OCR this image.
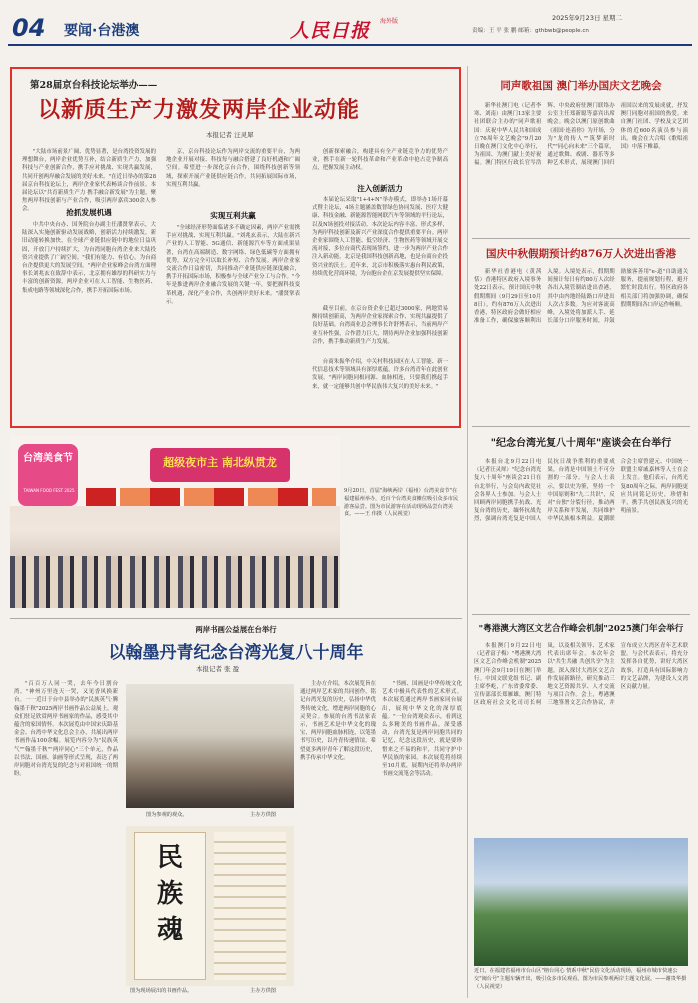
04 要闻·台港澳	人民日报 海外版	2025年9月23日 星期二
责编：王 平 张 鹏 邮箱：gthbwb@people.cn
第28届京台科技论坛举办——
以新质生产力激发两岸企业动能
本报记者 汪灵犀

"大陆市场前景广阔、优势显著，是台湾投资发展的理想舞台，两岸企业优势互补，结合新质生产力，加强科技与产业创新合作，携手应对挑战、实现共赢发展，共同开创两岸融合发展的美好未来。"在近日举办的第28届京台科技论坛上，两岸企业家代表畅谈合作前景。本届论坛以"共育新质生产力 携手融合新发展"为主题，聚焦两岸科技创新与产业合作，吸引两岸嘉宾300余人参会。	抢抓发展机遇

中共中央台办、国务院台办副主任潘贤掌表示，大陆深入实施创新驱动发展战略，创新活力持续激发，新旧动能转换加快，在全球产业链供应链中的地位日益巩固，开放门户持续扩大，为台湾同胞台湾企业来大陆投资兴业提供了广阔空间。"我们有能力、有信心，为台商台企提供更大的发展空间。"两岸企业家峰会台湾方面理事长刘兆玄在致辞中表示，北京拥有雄厚的科研实力与丰富的创新资源，两岸企业可在人工智能、生物医药、集成电路等领域深化合作，携手开拓国际市场。

京，京台科技论坛作为两岸交流的重要平台，为两地企业开展对接、科技每与融合搭建了良好机遇和广阔空间。希望进一步深化京台合作，围绕科技创新等领域，探索开展产业链供应链合作，共同拓展国际市场，实现互利共赢。

实现互利共赢

"全球经济形势面临诸多不确定因素，两岸产业需携手应对挑战、实现互利共赢。"刘兆玄表示，大陆在新兴产业的人工智能、5G通信、新能源汽车等方面成果显著，台湾在高端制造、数字网络、绿色低碳等方面拥有优势，双方完全可以取长补短、合作发展。两岸企业家交流合作日益密切，共同推动产业链供应链深度融合，携手开拓国际市场，积极参与全球产业分工与合作。"今年是推进两岸企业融合发展的关键一年，要把握科技变革机遇，深化产业合作，共创两岸美好未来。"潘贤掌表示。

创新探索融合，构建具有全产业链竞争力的优势产业，携手在新一轮科技革命和产业革命中抢占竞争制高点，把握发展主动权。

注入创新活力

本届论坛采取"1+4+N"举办模式，即举办1场开幕式暨主论坛，4场主题涵盖数智绿色协同发展、医疗大健康、科技金融、新能源智能网联汽车等领域的平行论坛，以及N场创投对接活动。本次论坛内容丰富、形式多样，为两岸科技创新及新兴产业深度合作提供重要平台。两岸企业家围绕人工智能、低空经济、生物医药等领域开展交流对接，多位台商代表现场签约，进一步为两岸产业合作注入新动能。北京是我国科技创新高地，也是台商台企投资兴业的沃土。近年来，北京市积极落实惠台利民政策，持续优化营商环境，为台胞台企在京发展提供坚实保障。

截至目前，在京台资企业已超过3000家，两地贸易额持续创新高，为两岸企业家探索合作、实现共赢提供了良好基础。台湾商业总会理事长许舒博表示，当前两岸产业互补性强，合作潜力巨大，期待两岸企业加强科技创新合作，携手推动新质生产力发展。

台商朱振华介绍，中关村科技园区在人工智能、新一代信息技术等领域具有深厚底蕴，许多台湾青年在此创业发展。"两岸同胞同根同源、血脉相连，只要我们携起手来，就一定能够共创中华民族伟大复兴的美好未来。"

同声歌祖国 澳门举办国庆文艺晚会

新华社澳门电（记者李寒、刘南）由澳门13家主要社团联合主办的"同声歌祖国：庆祝中华人民共和国成立76周年文艺晚会"9月20日晚在澳门文化中心举行，为祖国、为澳门献上美好祝福。澳门特区行政长官岑浩辉、中央政府驻澳门联络办公室主任郑新聪等嘉宾出席晚会。晚会以澳门原创歌曲《祖国·连着你》为开场，分为"龙的传人""筑梦新时代""同心向未来"三个篇章，通过歌舞、戏剧、器乐等多种艺术形式，展现澳门回归祖国以来的发展成就，抒发澳门同胞对祖国的热爱。来自澳门社团、学校及文艺团体的近600名演员参与演出。晚会在大合唱《歌唱祖国》中落下帷幕。

国庆中秋假期预计约876万人次进出香港

新华社香港电（黄茜恬）香港特区政府入境事务处22日表示，预计国庆中秋假期期间（9月29日至10月8日），约有876万人次进出香港，特区政府会做好相应准备工作，确保旅客顺利出入境。入境处表示，假期期间预计每日有约80万人次经各出入境管制站进出香港，其中由内地经陆路口岸进出人次占多数。为应对客流高峰，入境处将加派人手、延长部分口岸服务时间，并鼓励旅客善用"e-道"自助通关服务，提前规划行程，避开繁忙时段出行。特区政府各相关部门将加强协调，确保假期期间各口岸运作畅顺。

"纪念台湾光复八十周年"座谈会在台举行

本报台北9月22日电（记者汪灵犀）"纪念台湾光复八十周年"座谈会21日在台北举行，与会岛内政党社会各界人士参加。与会人士回顾两岸同胞携手抗战、光复台湾的历史，缅怀抗战先烈，强调台湾光复是中国人民抗日战争胜利的重要成果，台湾是中国领土不可分割的一部分。与会人士表示，要以史为鉴，坚持一个中国原则和"九二共识"，反对"台独"分裂行径，推动两岸关系和平发展，共同维护中华民族根本利益。夏潮联合会主席曾建元、中国统一联盟主席戚嘉林等人士在会上发言。他们表示，台湾光复80周年之际，两岸同胞更应共同铭记历史，珍惜和平，携手共创民族复兴的光明前景。

"粤港澳大湾区文艺合作峰会机制"2025澳门年会举行

本报澳门9月22日电（记者富子梅）"粤港澳大湾区文艺合作峰会机制"2025澳门年会9月19日在澳门举行。中国文联党组书记、副主席李屹，广东省委常委、宣传部部长郑雁雄，澳门特区政府社会文化司司长柯岚，以及相关领导、艺术家代表出席年会。本次年会以"共生共融 共创共享"为主题，深入探讨大湾区文艺合作发展新路径，研究推动三地文艺资源共享、人才交流与项目合作。会上，粤港澳三地签署文艺合作协议，并宣布成立大湾区青年艺术联盟。与会代表表示，将充分发挥各自优势，讲好大湾区故事，打造具有国际影响力的文艺品牌，为建设人文湾区贡献力量。

近日，在福建省福州市台山区"榕台同心 情系中秋"民俗文化活动现场，福州市城市快速公交"闽台号"主题车辆开出，吸引众多市民观看。图为市民参观两岸主题文化展。——谢贵华摄（人民视觉）
台湾美食节
TAIWAN FOOD FEST 2025
超级夜市主 南北纵贯龙
9月20日，首届"海峡两岸（福州）台湾美食节"在福建福州举办，近百个台湾美食摊位吸引众多市民游客品尝。图为市民游客在活动现场品尝台湾美食。——王 伟摄（人民视觉）
两岸书画公益展在台举行
以翰墨丹青纪念台湾光复八十周年
本报记者 张 盈

"百百万人同一哭，去年今日割台湾。"神州万里连天一哭，又见香风换新台。一一近日于台中县举办的"民族英气·腾翰墨千秋"2025两岸书画作品公益展上，观众们驻足欣赏两岸书画家的作品，感受其中蕴含的家国情怀。本次展览由中国宋庆龄基金会、台湾中华文化总会主办，共展出两岸书画作品100余幅。展览内容分为"民族英气""翰墨千秋""两岸同心"三个单元，作品以书法、国画、油画等形式呈现，表达了两岸同胞对台湾光复的纪念与对祖国统一的期盼。

图为参观的观众。	主办方供图
民族魂
图为现场展出的书画作品。	主办方供图

主办方介绍，本次展览旨在通过两岸艺术家的共同创作，铭记台湾光复的历史，弘扬中华优秀传统文化，增进两岸同胞的心灵契合。参展的台湾书法家表示，书画艺术是中华文化的瑰宝，两岸同胞血脉相连，以笔墨书写历史，以丹青传递情谊，希望更多两岸青年了解这段历史，携手传承中华文化。

"书画、国画是中华传统文化艺术中极具代表性的艺术形式。本次展览通过两岸书画家同台展出，展现中华文化的深厚底蕴。"一位台湾观众表示，看到这么多精美的书画作品，深受感动，台湾光复是两岸同胞共同的记忆，纪念这段历史，就是要珍惜来之不易的和平，共同守护中华民族的家园。本次展览将持续至10月底，展期内还将举办两岸书画交流笔会等活动。
